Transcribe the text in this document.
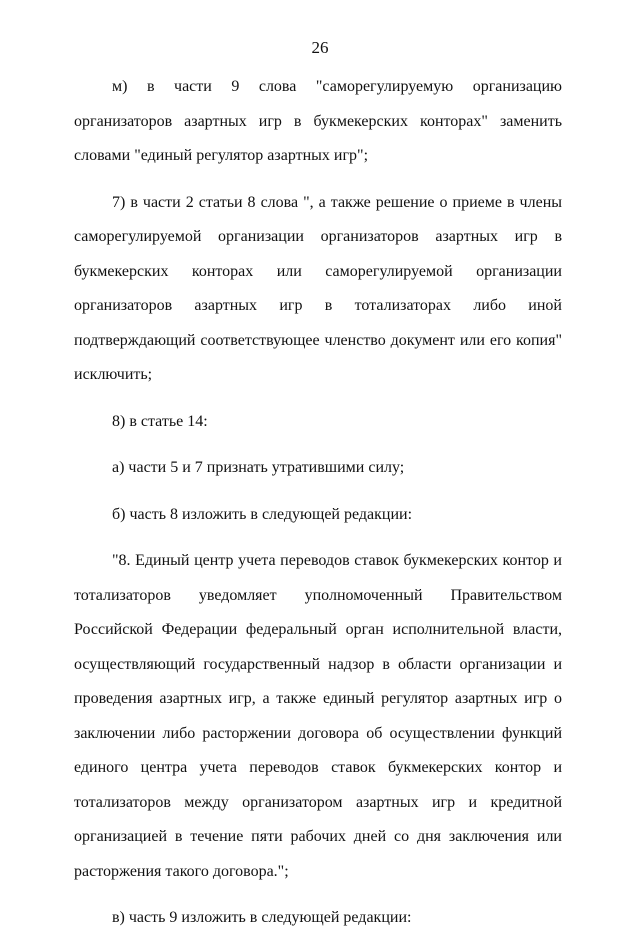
26

м) в части 9 слова "саморегулируемую организацию организаторов азартных игр в букмекерских конторах" заменить словами "единый регулятор азартных игр";

7) в части 2 статьи 8 слова ", а также решение о приеме в члены саморегулируемой организации организаторов азартных игр в букмекерских конторах или саморегулируемой организации организаторов азартных игр в тотализаторах либо иной подтверждающий соответствующее членство документ или его копия" исключить;

8) в статье 14:

а) части 5 и 7 признать утратившими силу;

б) часть 8 изложить в следующей редакции:

"8. Единый центр учета переводов ставок букмекерских контор и тотализаторов уведомляет уполномоченный Правительством Российской Федерации федеральный орган исполнительной власти, осуществляющий государственный надзор в области организации и проведения азартных игр, а также единый регулятор азартных игр о заключении либо расторжении договора об осуществлении функций единого центра учета переводов ставок букмекерских контор и тотализаторов между организатором азартных игр и кредитной организацией в течение пяти рабочих дней со дня заключения или расторжения такого договора.";

в) часть 9 изложить в следующей редакции:
